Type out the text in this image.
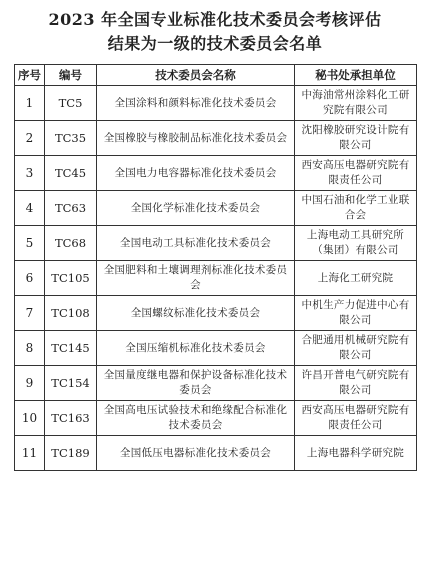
2023 年全国专业标准化技术委员会考核评估
结果为一级的技术委员会名单
序号	编号	技术委员会名称	秘书处承担单位
1	TC5	全国涂料和颜料标准化技术委员会	中海油常州涂料化工研究院有限公司
2	TC35	全国橡胶与橡胶制品标准化技术委员会	沈阳橡胶研究设计院有限公司
3	TC45	全国电力电容器标准化技术委员会	西安高压电器研究院有限责任公司
4	TC63	全国化学标准化技术委员会	中国石油和化学工业联合会
5	TC68	全国电动工具标准化技术委员会	上海电动工具研究所（集团）有限公司
6	TC105	全国肥料和土壤调理剂标准化技术委员会	上海化工研究院
7	TC108	全国螺纹标准化技术委员会	中机生产力促进中心有限公司
8	TC145	全国压缩机标准化技术委员会	合肥通用机械研究院有限公司
9	TC154	全国量度继电器和保护设备标准化技术委员会	许昌开普电气研究院有限公司
10	TC163	全国高电压试验技术和绝缘配合标准化技术委员会	西安高压电器研究院有限责任公司
11	TC189	全国低压电器标准化技术委员会	上海电器科学研究院
